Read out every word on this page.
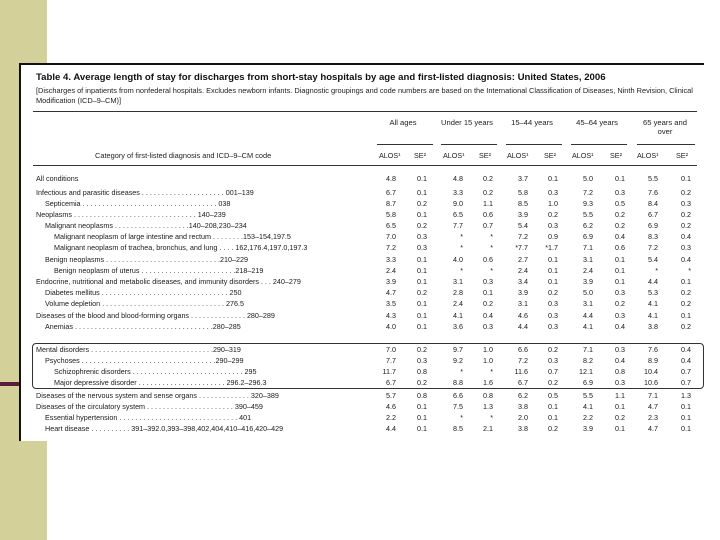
Table 4. Average length of stay for discharges from short-stay hospitals by age and first-listed diagnosis: United States, 2006
[Discharges of inpatients from nonfederal hospitals. Excludes newborn infants. Diagnostic groupings and code numbers are based on the International Classification of Diseases, Ninth Revision, Clinical Modification (ICD–9–CM)]
All ages	Under 15 years	15–44 years	45–64 years	65 years and over
Category of first-listed diagnosis and ICD–9–CM code	ALOS¹ SE² ALOS¹ SE² ALOS¹ SE² ALOS¹ SE² ALOS¹ SE²
All conditions	4.8	0.1	4.8	0.2	3.7	0.1	5.0	0.1	5.5	0.1
Infectious and parasitic diseases . . . . . . . . . . . . . . . . . . . . . 001–139	6.7	0.1	3.3	0.2	5.8	0.3	7.2	0.3	7.6	0.2
Septicemia . . . . . . . . . . . . . . . . . . . . . . . . . . . . . . . . . . 038	8.7	0.2	9.0	1.1	8.5	1.0	9.3	0.5	8.4	0.3
Neoplasms . . . . . . . . . . . . . . . . . . . . . . . . . . . . . . . 140–239	5.8	0.1	6.5	0.6	3.9	0.2	5.5	0.2	6.7	0.2
Malignant neoplasms . . . . . . . . . . . . . . . . . . .140–208,230–234	6.5	0.2	7.7	0.7	5.4	0.3	6.2	0.2	6.9	0.2
Malignant neoplasm of large intestine and rectum . . . . . . . .153–154,197.5	7.0	0.3	*	*	7.2	0.9	6.9	0.4	8.3	0.4
Malignant neoplasm of trachea, bronchus, and lung . . . . 162,176.4,197.0,197.3	7.2	0.3	*	*	*7.7	*1.7	7.1	0.6	7.2	0.3
Benign neoplasms . . . . . . . . . . . . . . . . . . . . . . . . . . . . .210–229	3.3	0.1	4.0	0.6	2.7	0.1	3.1	0.1	5.4	0.4
Benign neoplasm of uterus . . . . . . . . . . . . . . . . . . . . . . . .218–219	2.4	0.1	*	*	2.4	0.1	2.4	0.1	*	*
Endocrine, nutritional and metabolic diseases, and immunity disorders . . . 240–279	3.9	0.1	3.1	0.3	3.4	0.1	3.9	0.1	4.4	0.1
Diabetes mellitus . . . . . . . . . . . . . . . . . . . . . . . . . . . . . . . . 250	4.7	0.2	2.8	0.1	3.9	0.2	5.0	0.3	5.3	0.2
Volume depletion . . . . . . . . . . . . . . . . . . . . . . . . . . . . . . . 276.5	3.5	0.1	2.4	0.2	3.1	0.3	3.1	0.2	4.1	0.2
Diseases of the blood and blood-forming organs . . . . . . . . . . . . . . 280–289	4.3	0.1	4.1	0.4	4.6	0.3	4.4	0.3	4.1	0.1
Anemias . . . . . . . . . . . . . . . . . . . . . . . . . . . . . . . . . . .280–285	4.0	0.1	3.6	0.3	4.4	0.3	4.1	0.4	3.8	0.2
Mental disorders . . . . . . . . . . . . . . . . . . . . . . . . . . . . . . .290–319	7.0	0.2	9.7	1.0	6.6	0.2	7.1	0.3	7.6	0.4
Psychoses . . . . . . . . . . . . . . . . . . . . . . . . . . . . . . . . . .290–299	7.7	0.3	9.2	1.0	7.2	0.3	8.2	0.4	8.9	0.4
Schizophrenic disorders . . . . . . . . . . . . . . . . . . . . . . . . . . . . 295	11.7	0.8	*	*	11.6	0.7	12.1	0.8	10.4	0.7
Major depressive disorder . . . . . . . . . . . . . . . . . . . . . . 296.2–296.3	6.7	0.2	8.8	1.6	6.7	0.2	6.9	0.3	10.6	0.7
Diseases of the nervous system and sense organs . . . . . . . . . . . . . 320–389	5.7	0.8	6.6	0.8	6.2	0.5	5.5	1.1	7.1	1.3
Diseases of the circulatory system . . . . . . . . . . . . . . . . . . . . . . 390–459	4.6	0.1	7.5	1.3	3.8	0.1	4.1	0.1	4.7	0.1
Essential hypertension . . . . . . . . . . . . . . . . . . . . . . . . . . . . . . 401	2.2	0.1	*	*	2.0	0.1	2.2	0.2	2.3	0.1
Heart disease . . . . . . . . . . 391–392.0,393–398,402,404,410–416,420–429	4.4	0.1	8.5	2.1	3.8	0.2	3.9	0.1	4.7	0.1
